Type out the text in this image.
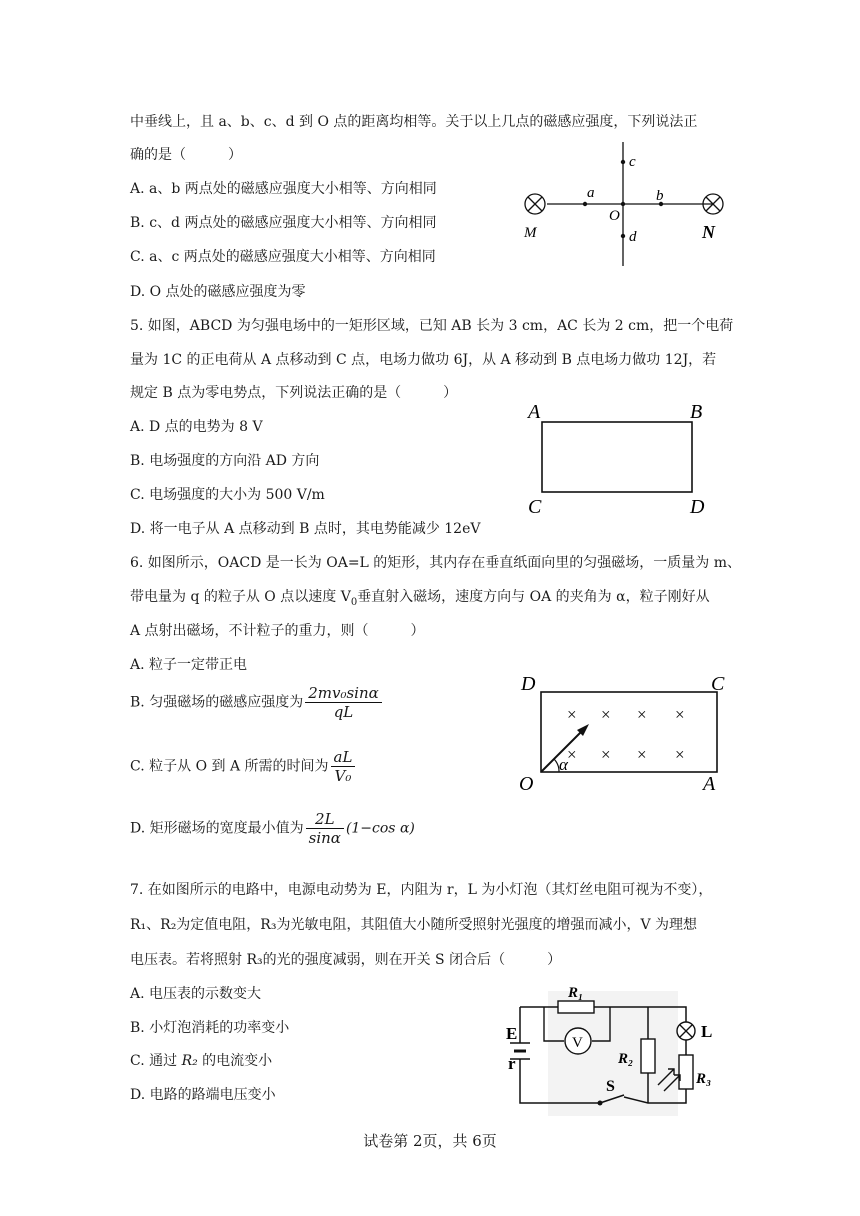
中垂线上，且 a、b、c、d 到 O 点的距离均相等。关于以上几点的磁感应强度，下列说法正
确的是（　　　）
A. a、b 两点处的磁感应强度大小相等、方向相同
B. c、d 两点处的磁感应强度大小相等、方向相同
C. a、c 两点处的磁感应强度大小相等、方向相同
D. O 点处的磁感应强度为零
a	b
c
d
O
M	N
5. 如图，ABCD 为匀强电场中的一矩形区域，已知 AB 长为 3 cm，AC 长为 2 cm，把一个电荷
量为 1C 的正电荷从 A 点移动到 C 点，电场力做功 6J，从 A 移动到 B 点电场力做功 12J，若
规定 B 点为零电势点，下列说法正确的是（　　　）
A. D 点的电势为 8 V
B. 电场强度的方向沿 AD 方向
C. 电场强度的大小为 500 V/m
D. 将一电子从 A 点移动到 B 点时，其电势能减少 12eV
A	B
C	D
6. 如图所示，OACD 是一长为 OA=L 的矩形，其内存在垂直纸面向里的匀强磁场，一质量为 m、
带电量为 q 的粒子从 O 点以速度 $V_0$垂直射入磁场，速度方向与 OA 的夹角为 α，粒子刚好从
A 点射出磁场，不计粒子的重力，则（　　　）
A. 粒子一定带正电
B. 匀强磁场的磁感应强度为 $\frac{\text{2mv₀sinα}}{qL}$
C. 粒子从 O 到 A 所需的时间为 $\frac{aL}{\text{V₀}}$
D. 矩形磁场的宽度最小值为 $\frac{2L}{\sin\alpha} (1-\cos$ α)
D	C
O	A
× × × ×
× × × ×
α
7. 在如图所示的电路中，电源电动势为 E，内阻为 r，L 为小灯泡（其灯丝电阻可视为不变），
R₁、R₂为定值电阻，R₃为光敏电阻，其阻值大小随所受照射光强度的增强而减小，V 为理想
电压表。若将照射 R₃的光的强度减弱，则在开关 S 闭合后（　　　）
A. 电压表的示数变大
B. 小灯泡消耗的功率变小
C. 通过 R₂ 的电流变小
D. 电路的路端电压变小
E
r
R₁
V
R₂
L
R₃
S
试卷第 2页，共 6页
